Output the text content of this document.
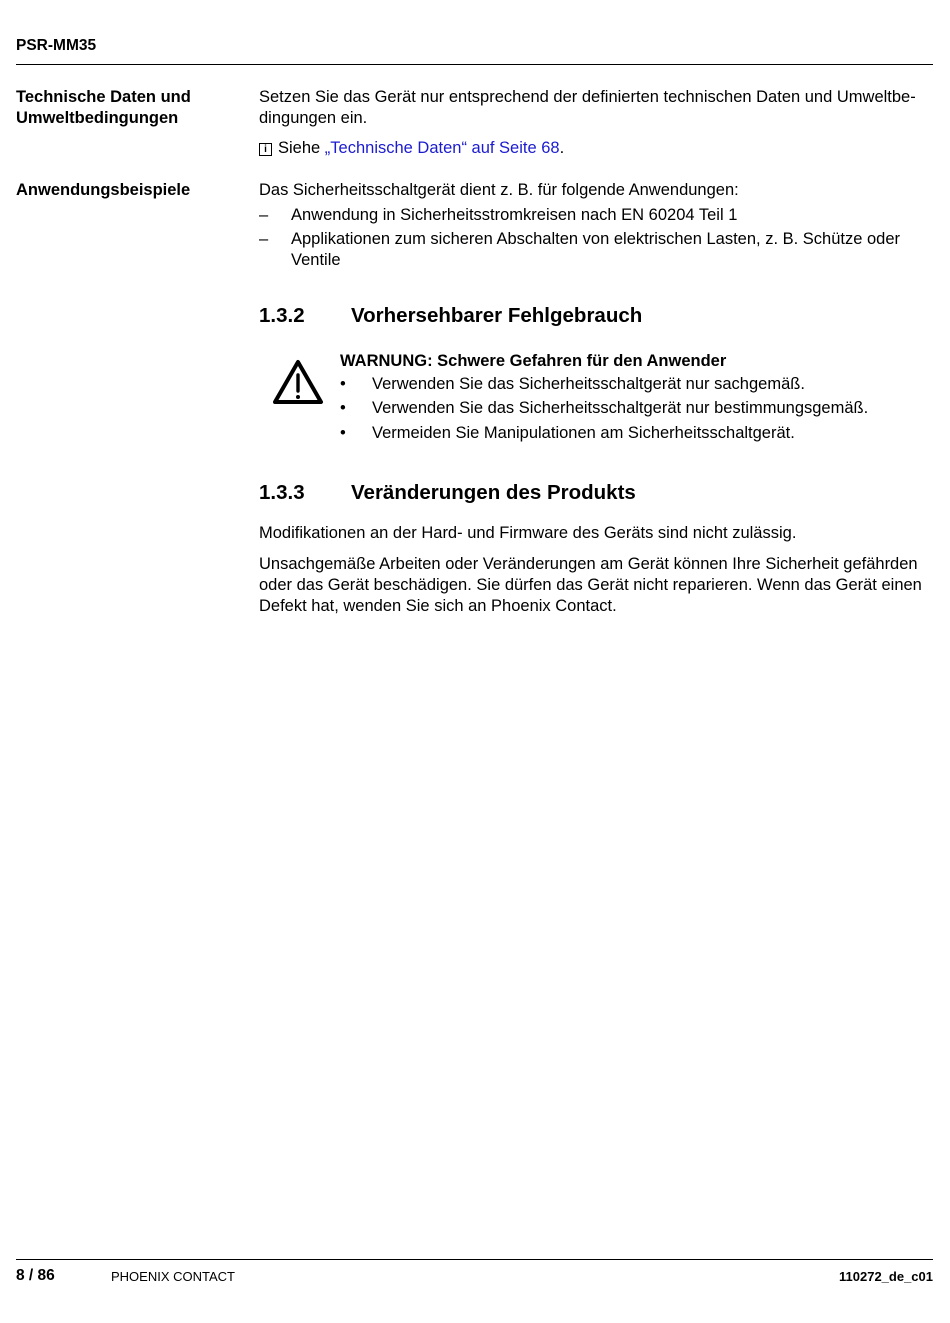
PSR-MM35
Technische Daten und
Umweltbedingungen
Setzen Sie das Gerät nur entsprechend der definierten technischen Daten und Umweltbe-
dingungen ein.
i Siehe „Technische Daten“ auf Seite 68.
Anwendungsbeispiele	Das Sicherheitsschaltgerät dient z. B. für folgende Anwendungen:
– Anwendung in Sicherheitsstromkreisen nach EN 60204 Teil 1
– Applikationen zum sicheren Abschalten von elektrischen Lasten, z. B. Schütze oder Ventile
1.3.2 Vorhersehbarer Fehlgebrauch
WARNUNG: Schwere Gefahren für den Anwender
• Verwenden Sie das Sicherheitsschaltgerät nur sachgemäß.
• Verwenden Sie das Sicherheitsschaltgerät nur bestimmungsgemäß.
• Vermeiden Sie Manipulationen am Sicherheitsschaltgerät.
1.3.3 Veränderungen des Produkts
Modifikationen an der Hard- und Firmware des Geräts sind nicht zulässig.
Unsachgemäße Arbeiten oder Veränderungen am Gerät können Ihre Sicherheit gefährden oder das Gerät beschädigen. Sie dürfen das Gerät nicht reparieren. Wenn das Gerät einen Defekt hat, wenden Sie sich an Phoenix Contact.
8 / 86	PHOENIX CONTACT	110272_de_c01
